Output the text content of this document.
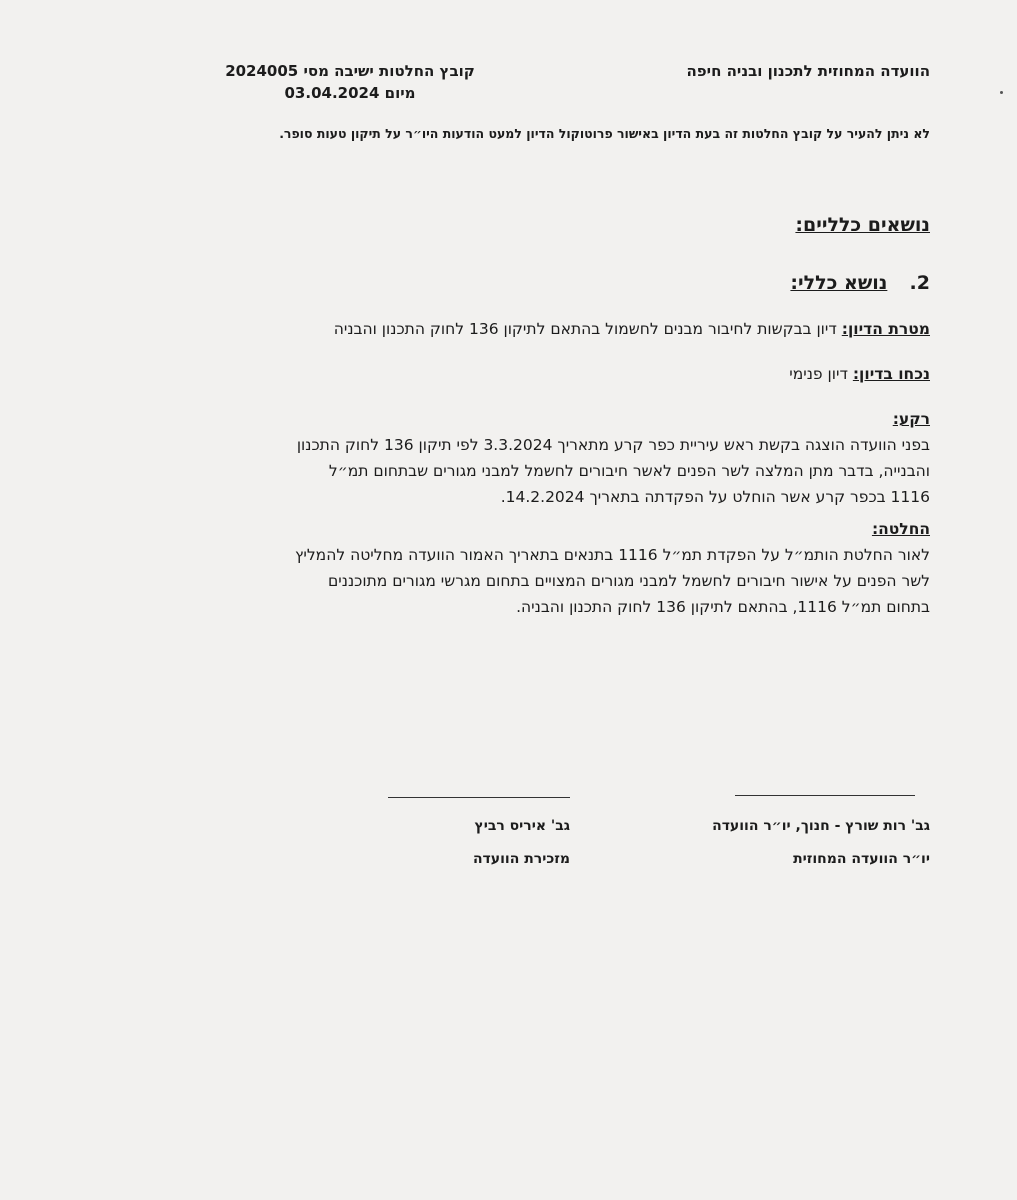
הוועדה המחוזית לתכנון ובניה חיפה
קובץ החלטות ישיבה מסי 2024005
מיום 03.04.2024
לא ניתן להעיר על קובץ החלטות זה בעת הדיון באישור פרוטוקול הדיון למעט הודעות היו״ר על תיקון טעות סופר.
נושאים כלליים:
2.  נושא כללי:
מטרת הדיון: דיון בבקשות לחיבור מבנים לחשמול בהתאם לתיקון 136 לחוק התכנון והבניה
נכחו בדיון: דיון פנימי
רקע:
בפני הוועדה הוצגה בקשת ראש עיריית כפר קרע מתאריך 3.3.2024 לפי תיקון 136 לחוק התכנון
והבנייה, בדבר מתן המלצה לשר הפנים לאשר חיבורים לחשמל למבני מגורים שבתחום תמ״ל
1116 בכפר קרע אשר הוחלט על הפקדתה בתאריך 14.2.2024.
החלטה:
לאור החלטת הותמ״ל על הפקדת תמ״ל 1116 בתנאים בתאריך האמור הוועדה מחליטה להמליץ
לשר הפנים על אישור חיבורים לחשמל למבני מגורים המצויים בתחום מגרשי מגורים מתוכננים
בתחום תמ״ל 1116, בהתאם לתיקון 136 לחוק התכנון והבניה.
גב' רות שורץ - חנוך, יו״ר הוועדה
יו״ר הוועדה המחוזית
גב' איריס רביץ
מזכירת הוועדה
